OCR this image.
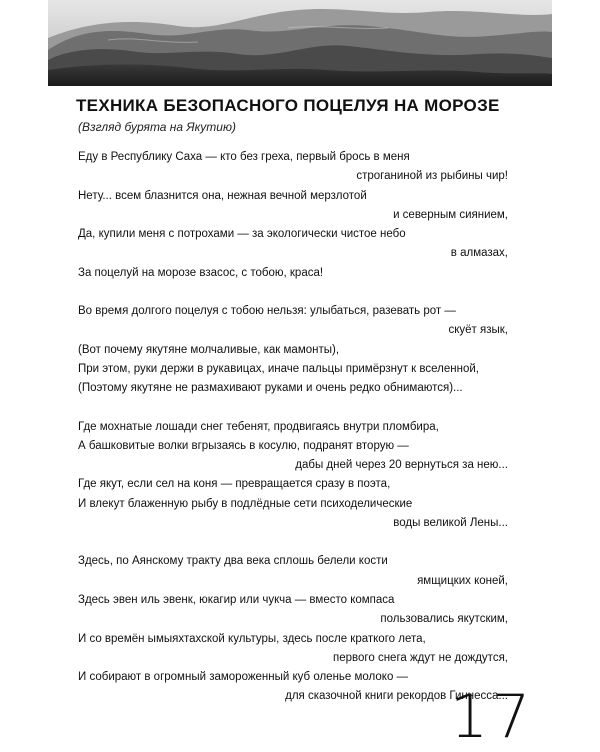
ТЕХНИКА БЕЗОПАСНОГО ПОЦЕЛУЯ НА МОРОЗЕ
(Взгляд бурята на Якутию)
Еду в Республику Саха — кто без греха, первый брось в меня
строганиной из рыбины чир!
Нету... всем блазнится она, нежная вечной мерзлотой
и северным сиянием,
Да, купили меня с потрохами — за экологически чистое небо
в алмазах,
За поцелуй на морозе взасос, с тобою, краса!
Во время долгого поцелуя с тобою нельзя: улыбаться, разевать рот —
скуёт язык,
(Вот почему якутяне молчаливые, как мамонты),
При этом, руки держи в рукавицах, иначе пальцы примёрзнут к вселенной,
(Поэтому якутяне не размахивают руками и очень редко обнимаются)...
Где мохнатые лошади снег тебенят, продвигаясь внутри пломбира,
А башковитые волки вгрызаясь в косулю, подранят вторую —
дабы дней через 20 вернуться за нею...
Где якут, если сел на коня — превращается сразу в поэта,
И влекут блаженную рыбу в подлёдные сети психоделические
воды великой Лены...
Здесь, по Аянскому тракту два века сплошь белели кости
ямщицких коней,
Здесь эвен иль эвенк, юкагир или чукча — вместо компаса
пользовались якутским,
И со времён ымыяхтахской культуры, здесь после краткого лета,
первого снега ждут не дождутся,
И собирают в огромный замороженный куб оленье молоко —
для сказочной книги рекордов Гиннесса...
17
